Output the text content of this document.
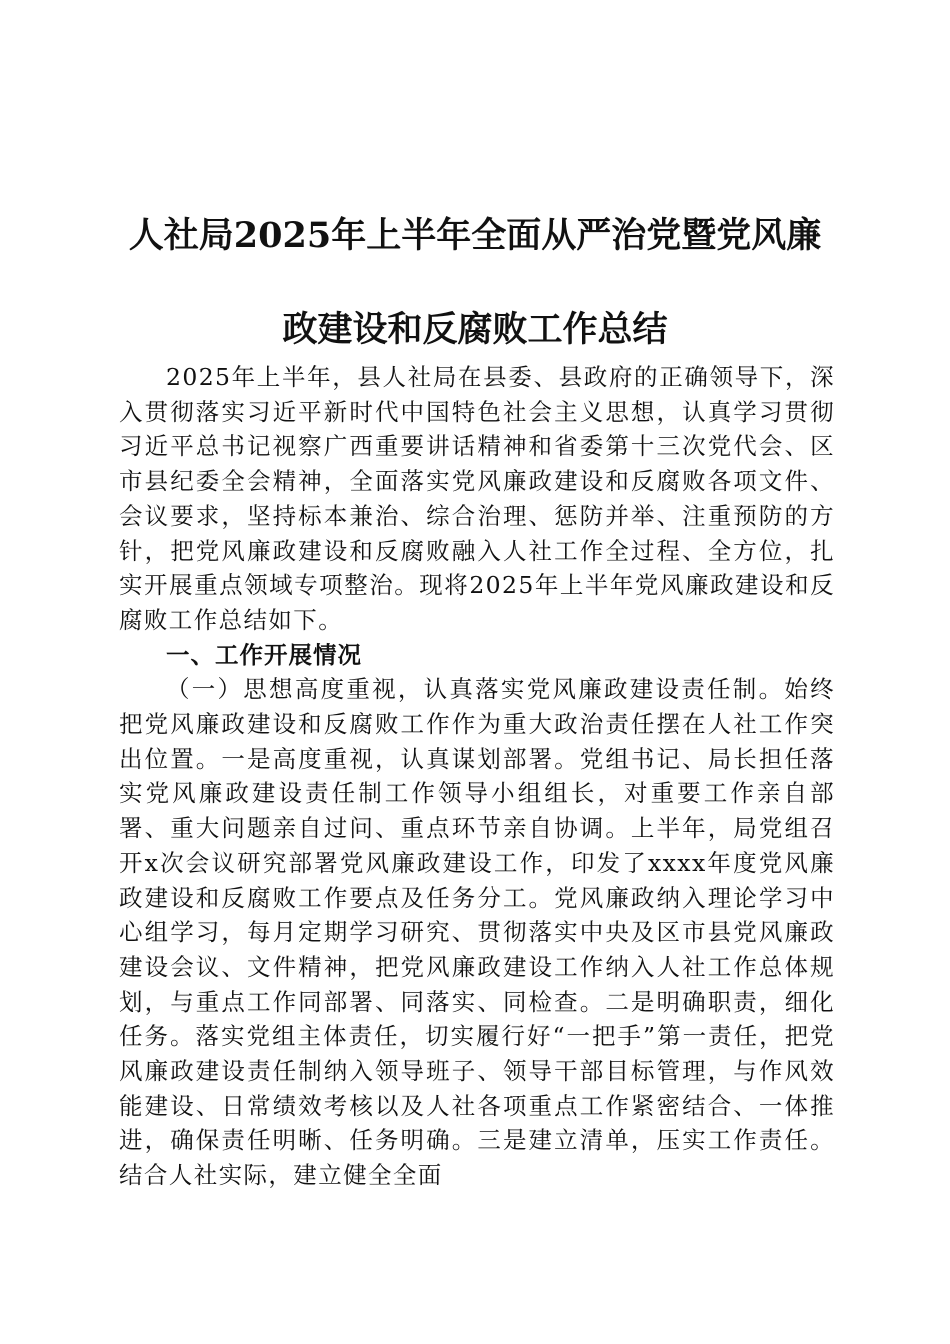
人社局2025年上半年全面从严治党暨党风廉
政建设和反腐败工作总结

2025年上半年，县人社局在县委、县政府的正确领导下，深入贯彻落实习近平新时代中国特色社会主义思想，认真学习贯彻习近平总书记视察广西重要讲话精神和省委第十三次党代会、区市县纪委全会精神，全面落实党风廉政建设和反腐败各项文件、会议要求，坚持标本兼治、综合治理、惩防并举、注重预防的方针，把党风廉政建设和反腐败融入人社工作全过程、全方位，扎实开展重点领域专项整治。现将2025年上半年党风廉政建设和反腐败工作总结如下。

一、工作开展情况

（一）思想高度重视，认真落实党风廉政建设责任制。始终把党风廉政建设和反腐败工作作为重大政治责任摆在人社工作突出位置。一是高度重视，认真谋划部署。党组书记、局长担任落实党风廉政建设责任制工作领导小组组长，对重要工作亲自部署、重大问题亲自过问、重点环节亲自协调。上半年，局党组召开x次会议研究部署党风廉政建设工作，印发了xxxx年度党风廉政建设和反腐败工作要点及任务分工。党风廉政纳入理论学习中心组学习，每月定期学习研究、贯彻落实中央及区市县党风廉政建设会议、文件精神，把党风廉政建设工作纳入人社工作总体规划，与重点工作同部署、同落实、同检查。二是明确职责，细化任务。落实党组主体责任，切实履行好“一把手”第一责任，把党风廉政建设责任制纳入领导班子、领导干部目标管理，与作风效能建设、日常绩效考核以及人社各项重点工作紧密结合、一体推进，确保责任明晰、任务明确。三是建立清单，压实工作责任。结合人社实际，建立健全全面
